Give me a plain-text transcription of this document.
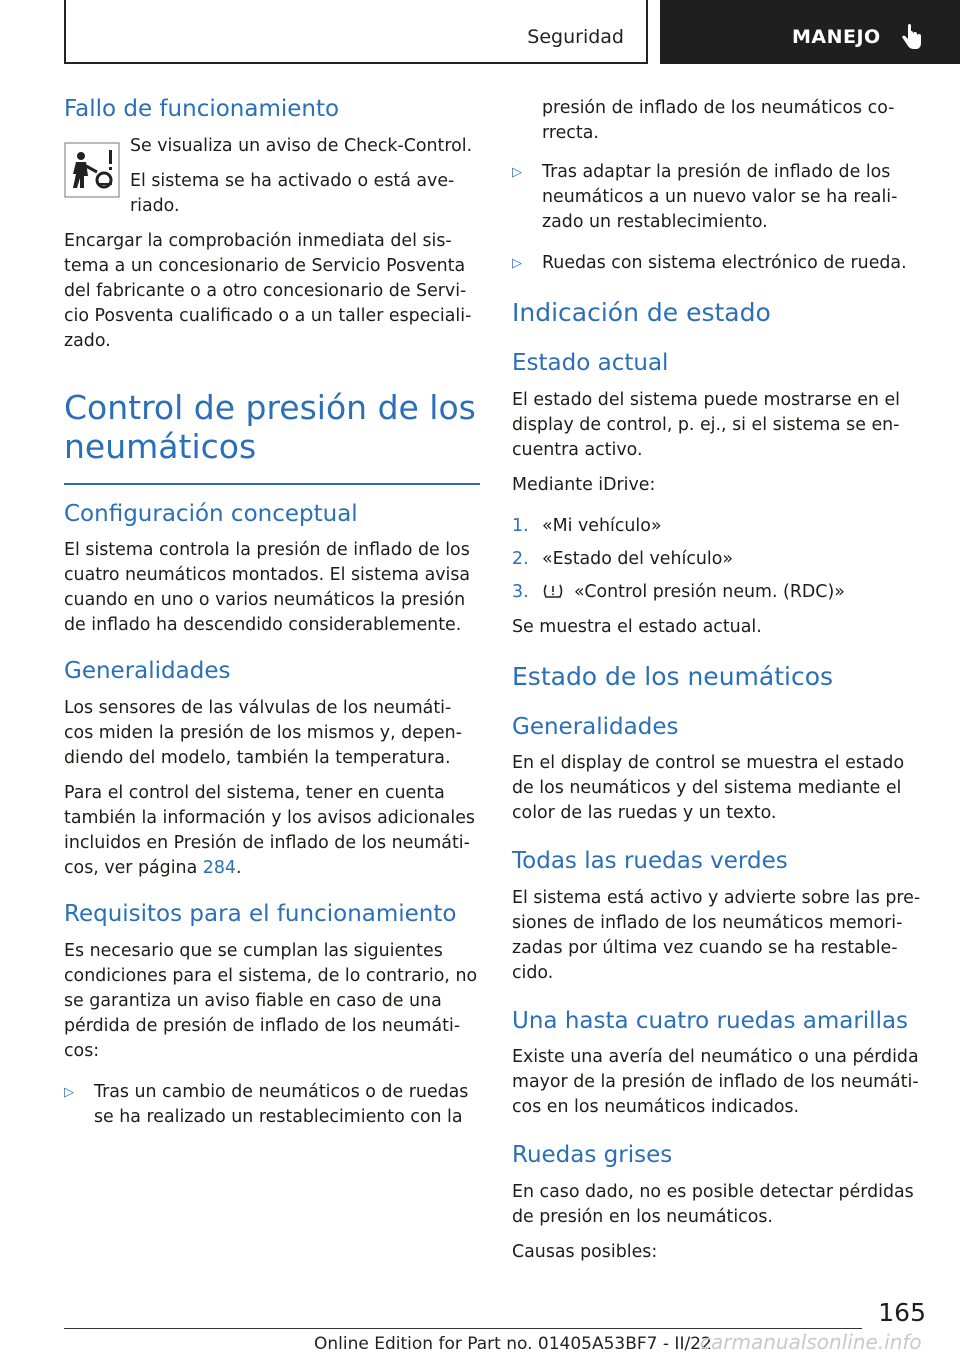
Seguridad	MANEJO
Fallo de funcionamiento

Se visualiza un aviso de Check-Control.

El sistema se ha activado o está ave-riado.

Encargar la comprobación inmediata del sis-tema a un concesionario de Servicio Posventa del fabricante o a otro concesionario de Servi-cio Posventa cualificado o a un taller especiali-zado.

Control de presión de los neumáticos
Configuración conceptual

El sistema controla la presión de inflado de los cuatro neumáticos montados. El sistema avisa cuando en uno o varios neumáticos la presión de inflado ha descendido considerablemente.

Generalidades

Los sensores de las válvulas de los neumáti-cos miden la presión de los mismos y, depen-diendo del modelo, también la temperatura.

Para el control del sistema, tener en cuenta también la información y los avisos adicionales incluidos en Presión de inflado de los neumáti-cos, ver página 284.

Requisitos para el funcionamiento

Es necesario que se cumplan las siguientes condiciones para el sistema, de lo contrario, no se garantiza un aviso fiable en caso de una pérdida de presión de inflado de los neumáti-cos:

▷ Tras un cambio de neumáticos o de ruedas se ha realizado un restablecimiento con la

presión de inflado de los neumáticos co-rrecta.

▷ Tras adaptar la presión de inflado de los neumáticos a un nuevo valor se ha reali-zado un restablecimiento.
▷ Ruedas con sistema electrónico de rueda.
Indicación de estado
Estado actual

El estado del sistema puede mostrarse en el display de control, p. ej., si el sistema se en-cuentra activo.

Mediante iDrive:

1. «Mi vehículo»
2. «Estado del vehículo»
3.	«Control presión neum. (RDC)»

Se muestra el estado actual.

Estado de los neumáticos
Generalidades

En el display de control se muestra el estado de los neumáticos y del sistema mediante el color de las ruedas y un texto.

Todas las ruedas verdes

El sistema está activo y advierte sobre las pre-siones de inflado de los neumáticos memori-zadas por última vez cuando se ha restable-cido.

Una hasta cuatro ruedas amarillas

Existe una avería del neumático o una pérdida mayor de la presión de inflado de los neumáti-cos en los neumáticos indicados.

Ruedas grises

En caso dado, no es posible detectar pérdidas de presión en los neumáticos.

Causas posibles:

165
Online Edition for Part no. 01405A53BF7 - II/22
carmanualsonline.info
